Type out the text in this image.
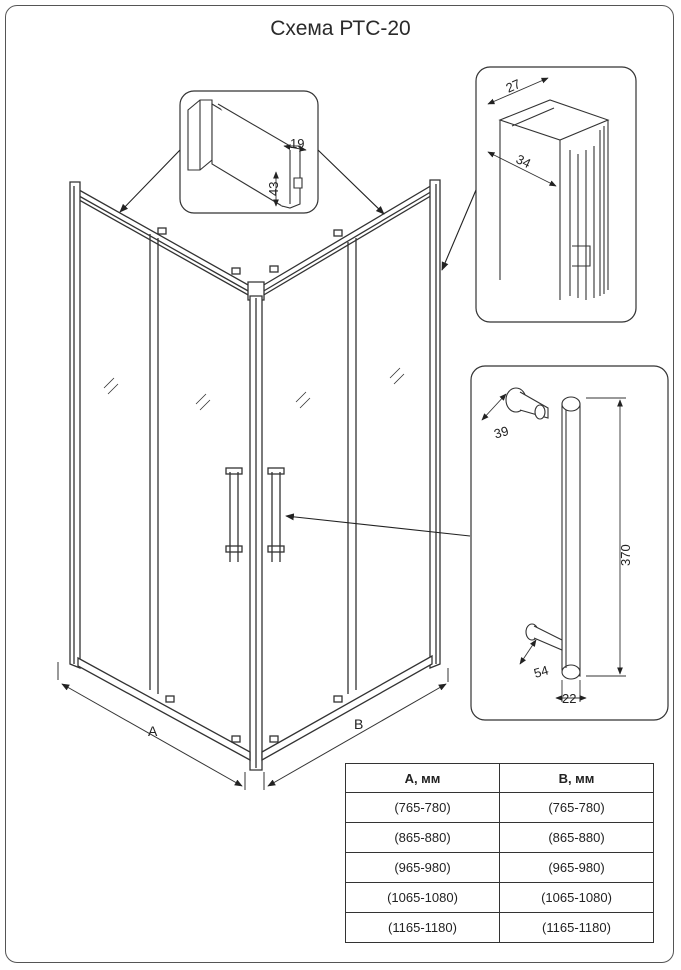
Схема РТС-20
A	B
19
43
27
34
39
370
54
22
A, мм	B, мм
(765-780)	(765-780)
(865-880)	(865-880)
(965-980)	(965-980)
(1065-1080)	(1065-1080)
(1165-1180)	(1165-1180)
